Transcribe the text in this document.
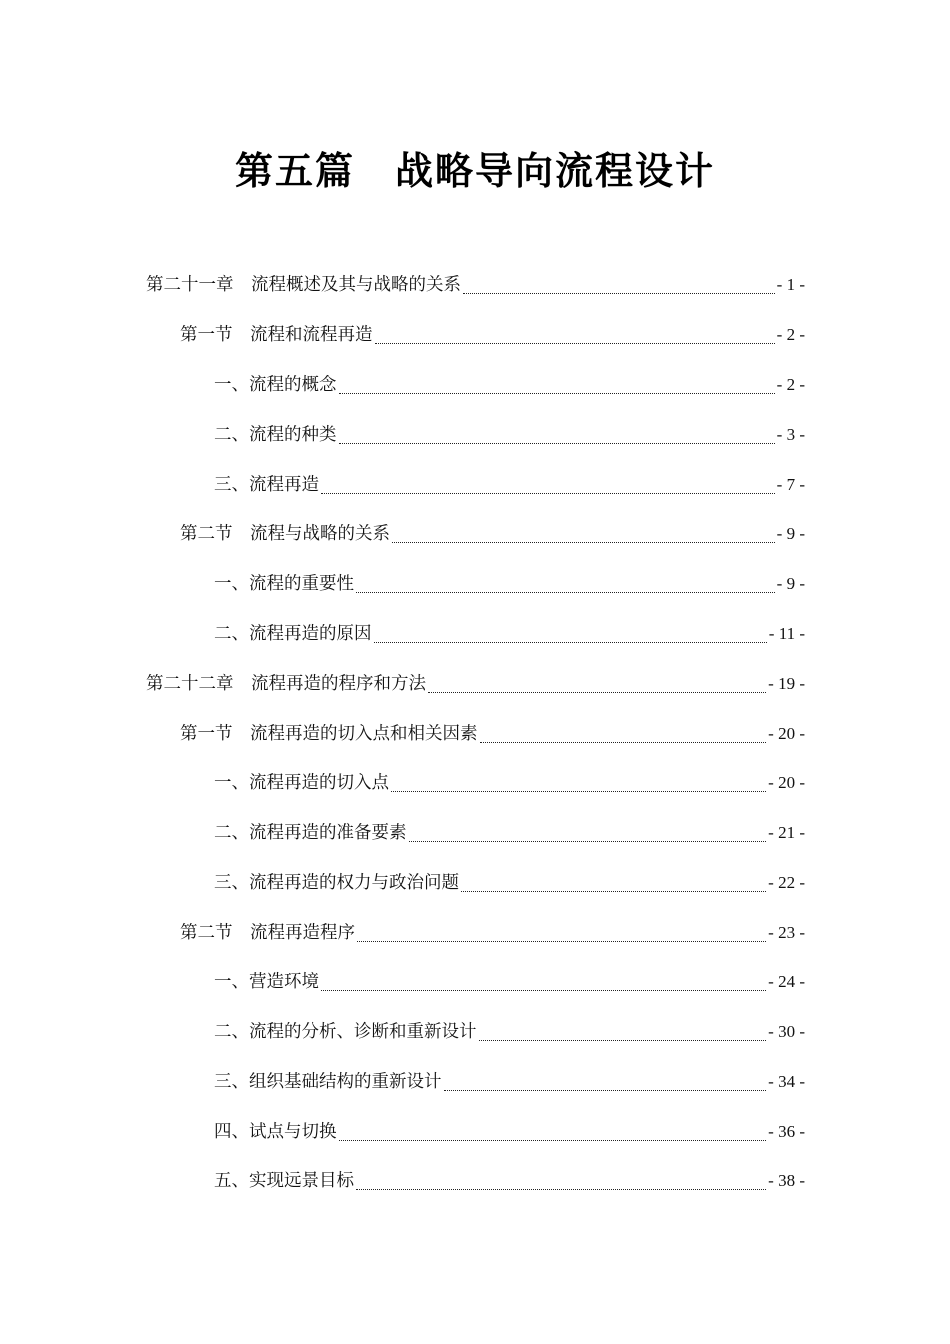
第五篇　战略导向流程设计
第二十一章　流程概述及其与战略的关系	- 1 -
第一节　流程和流程再造	- 2 -
一、流程的概念	- 2 -
二、流程的种类	- 3 -
三、流程再造	- 7 -
第二节　流程与战略的关系	- 9 -
一、流程的重要性	- 9 -
二、流程再造的原因	- 11 -
第二十二章　流程再造的程序和方法	- 19 -
第一节　流程再造的切入点和相关因素	- 20 -
一、流程再造的切入点	- 20 -
二、流程再造的准备要素	- 21 -
三、流程再造的权力与政治问题	- 22 -
第二节　流程再造程序	- 23 -
一、营造环境	- 24 -
二、流程的分析、诊断和重新设计	- 30 -
三、组织基础结构的重新设计	- 34 -
四、试点与切换	- 36 -
五、实现远景目标	- 38 -
